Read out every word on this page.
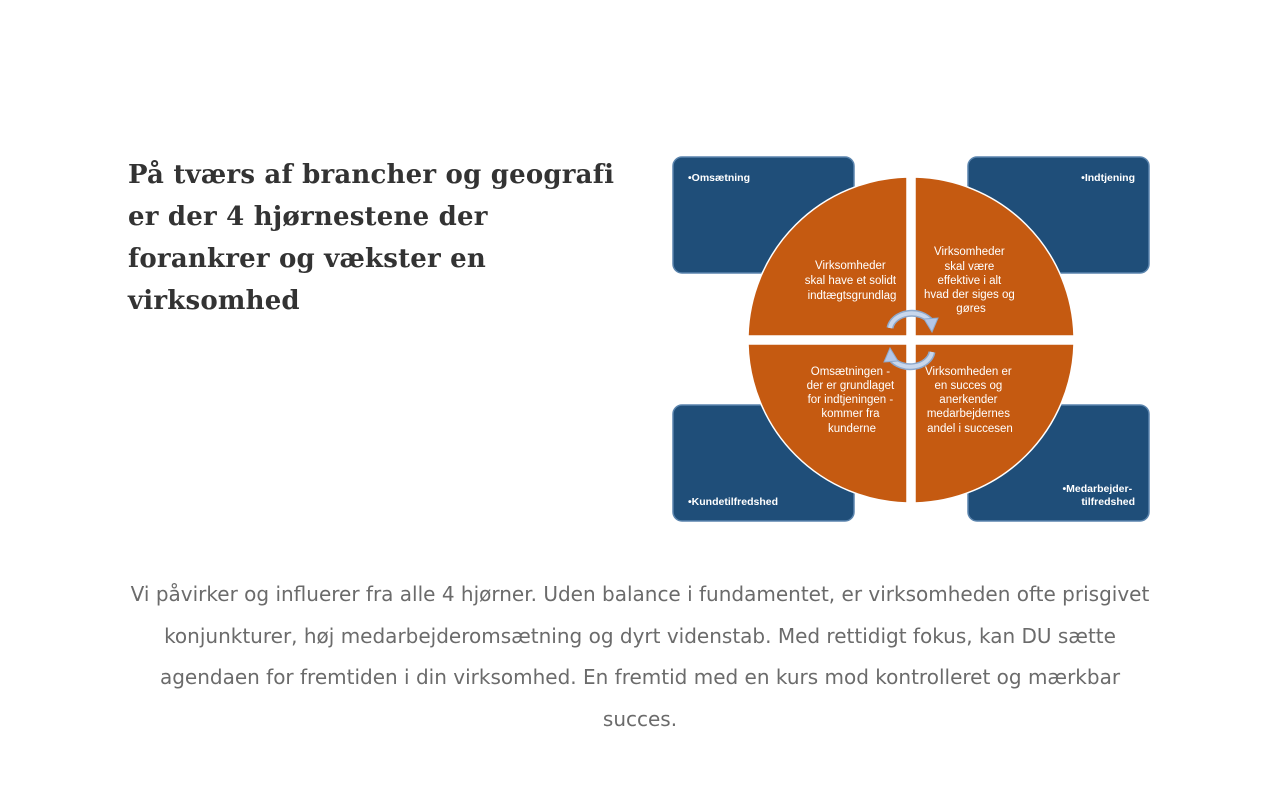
På tværs af brancher og geografi er der 4 hjørnestene der forankrer og vækster en virksomhed
•Omsætning	•Indtjening
•Kundetilfredshed
•Medarbejder- tilfredshed
Virksomheder skal have et solidt indtægtsgrundlag
Virksomheder skal være effektive i alt hvad der siges og gøres
Omsætningen - der er grundlaget for indtjeningen - kommer fra kunderne
Virksomheden er en succes og anerkender medarbejdernes andel i succesen

Vi påvirker og influerer fra alle 4 hjørner. Uden balance i fundamentet, er virksomheden ofte prisgivet konjunkturer, høj medarbejderomsætning og dyrt videnstab. Med rettidigt fokus, kan DU sætte agendaen for fremtiden i din virksomhed. En fremtid med en kurs mod kontrolleret og mærkbar succes.
